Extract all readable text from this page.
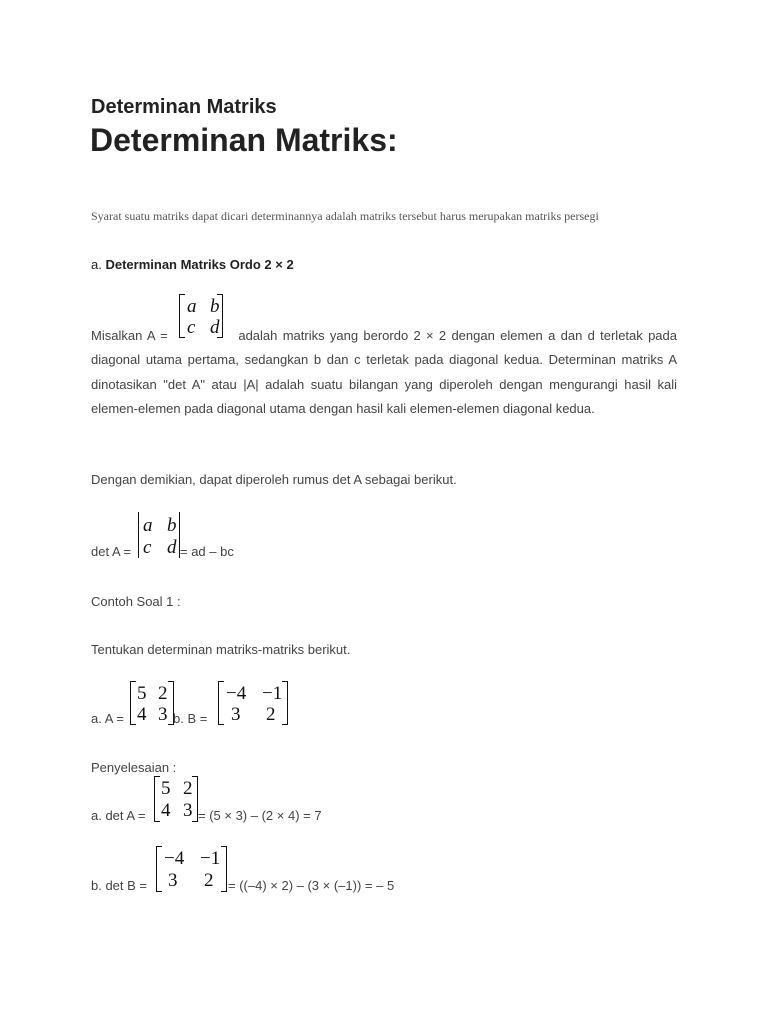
Determinan Matriks
Determinan Matriks:
Syarat suatu matriks dapat dicari determinannya adalah matriks tersebut harus merupakan matriks persegi
a. Determinan Matriks Ordo 2 × 2
a b
c d
Misalkan A =	adalah matriks yang berordo 2 × 2 dengan elemen a dan d terletak pada diagonal utama pertama, sedangkan b dan c terletak pada diagonal kedua. Determinan matriks A dinotasikan "det A" atau |A| adalah suatu bilangan yang diperoleh dengan mengurangi hasil kali elemen-elemen pada diagonal utama dengan hasil kali elemen-elemen diagonal kedua.
Dengan demikian, dapat diperoleh rumus det A sebagai berikut.
det A =
a b
c d = ad – bc
Contoh Soal 1 :
Tentukan determinan matriks-matriks berikut.
a. A =
5 2
4 3 b. B =
−4 −1
3 2
Penyelesaian :
a. det A =
5 2
4 3 = (5 × 3) – (2 × 4) = 7
b. det B =
−4 −1
3 2 = ((–4) × 2) – (3 × (–1)) = – 5
